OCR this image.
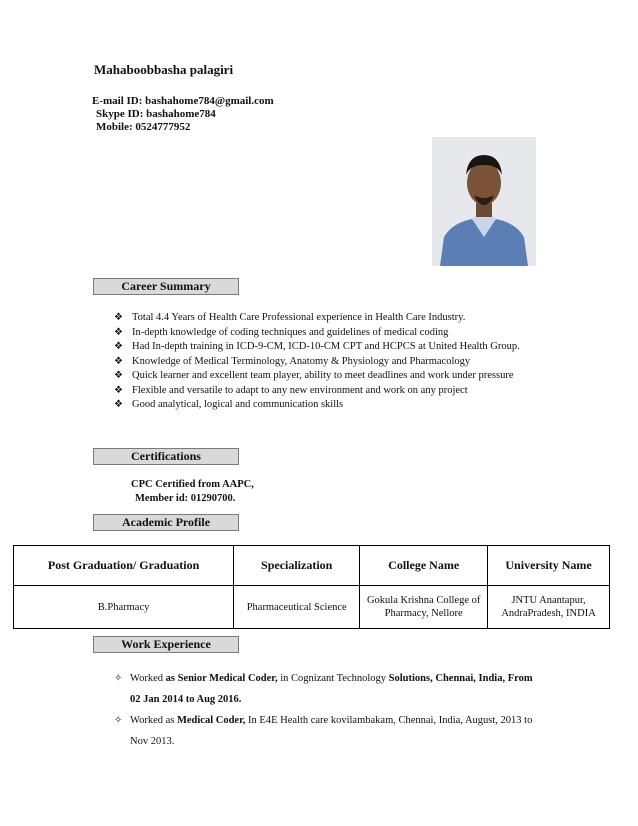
Mahaboobbasha palagiri
E-mail ID: bashahome784@gmail.com
Skype ID: bashahome784
Mobile: 0524777952
Career Summary
❖ Total 4.4 Years of Health Care Professional experience in Health Care Industry.
❖ In-depth knowledge of coding techniques and guidelines of medical coding
❖ Had In-depth training in ICD-9-CM, ICD-10-CM CPT and HCPCS at United Health Group.
❖ Knowledge of Medical Terminology, Anatomy & Physiology and Pharmacology
❖ Quick learner and excellent team player, ability to meet deadlines and work under pressure
❖ Flexible and versatile to adapt to any new environment and work on any project
❖ Good analytical, logical and communication skills
Certifications
CPC Certified from AAPC,
Member id: 01290700.
Academic Profile
Post Graduation/ Graduation	Specialization	College Name	University Name
B.Pharmacy	Pharmaceutical Science	Gokula Krishna College of Pharmacy, Nellore	JNTU Anantapur, AndraPradesh, INDIA
Work Experience
✧ Worked as Senior Medical Coder, in Cognizant Technology Solutions, Chennai, India, From 02 Jan 2014 to Aug 2016.
✧ Worked as Medical Coder, In E4E Health care kovilambakam, Chennai, India, August, 2013 to Nov 2013.
